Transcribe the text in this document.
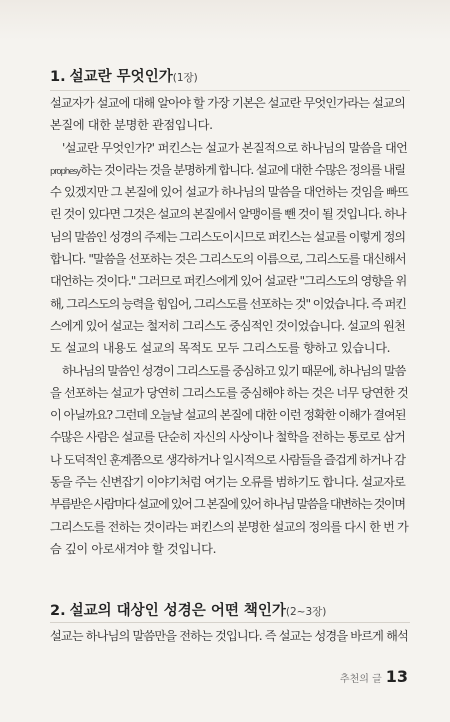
1. 설교란 무엇인가(1장)
설교자가 설교에 대해 알아야 할 가장 기본은 설교란 무엇인가라는 설교의
본질에 대한 분명한 관점입니다.
'설교란 무엇인가?' 퍼킨스는 설교가 본질적으로 하나님의 말씀을 대언
prophesy하는 것이라는 것을 분명하게 합니다. 설교에 대한 수많은 정의를 내릴
수 있겠지만 그 본질에 있어 설교가 하나님의 말씀을 대언하는 것임을 빠뜨
린 것이 있다면 그것은 설교의 본질에서 알맹이를 뺀 것이 될 것입니다. 하나
님의 말씀인 성경의 주제는 그리스도이시므로 퍼킨스는 설교를 이렇게 정의
합니다. "말씀을 선포하는 것은 그리스도의 이름으로, 그리스도를 대신해서
대언하는 것이다." 그러므로 퍼킨스에게 있어 설교란 "그리스도의 영향을 위
해, 그리스도의 능력을 힘입어, 그리스도를 선포하는 것" 이었습니다. 즉 퍼킨
스에게 있어 설교는 철저히 그리스도 중심적인 것이었습니다. 설교의 원천
도 설교의 내용도 설교의 목적도 모두 그리스도를 향하고 있습니다.
하나님의 말씀인 성경이 그리스도를 중심하고 있기 때문에, 하나님의 말씀
을 선포하는 설교가 당연히 그리스도를 중심해야 하는 것은 너무 당연한 것
이 아닐까요? 그런데 오늘날 설교의 본질에 대한 이런 정확한 이해가 결여된
수많은 사람은 설교를 단순히 자신의 사상이나 철학을 전하는 통로로 삼거
나 도덕적인 훈계쯤으로 생각하거나 일시적으로 사람들을 즐겁게 하거나 감
동을 주는 신변잡기 이야기처럼 여기는 오류를 범하기도 합니다. 설교자로
부름받은 사람마다 설교에 있어 그 본질에 있어 하나님 말씀을 대변하는 것이며
그리스도를 전하는 것이라는 퍼킨스의 분명한 설교의 정의를 다시 한 번 가
슴 깊이 아로새겨야 할 것입니다.
2. 설교의 대상인 성경은 어떤 책인가(2~3장)
설교는 하나님의 말씀만을 전하는 것입니다. 즉 설교는 성경을 바르게 해석
추천의 글 13
